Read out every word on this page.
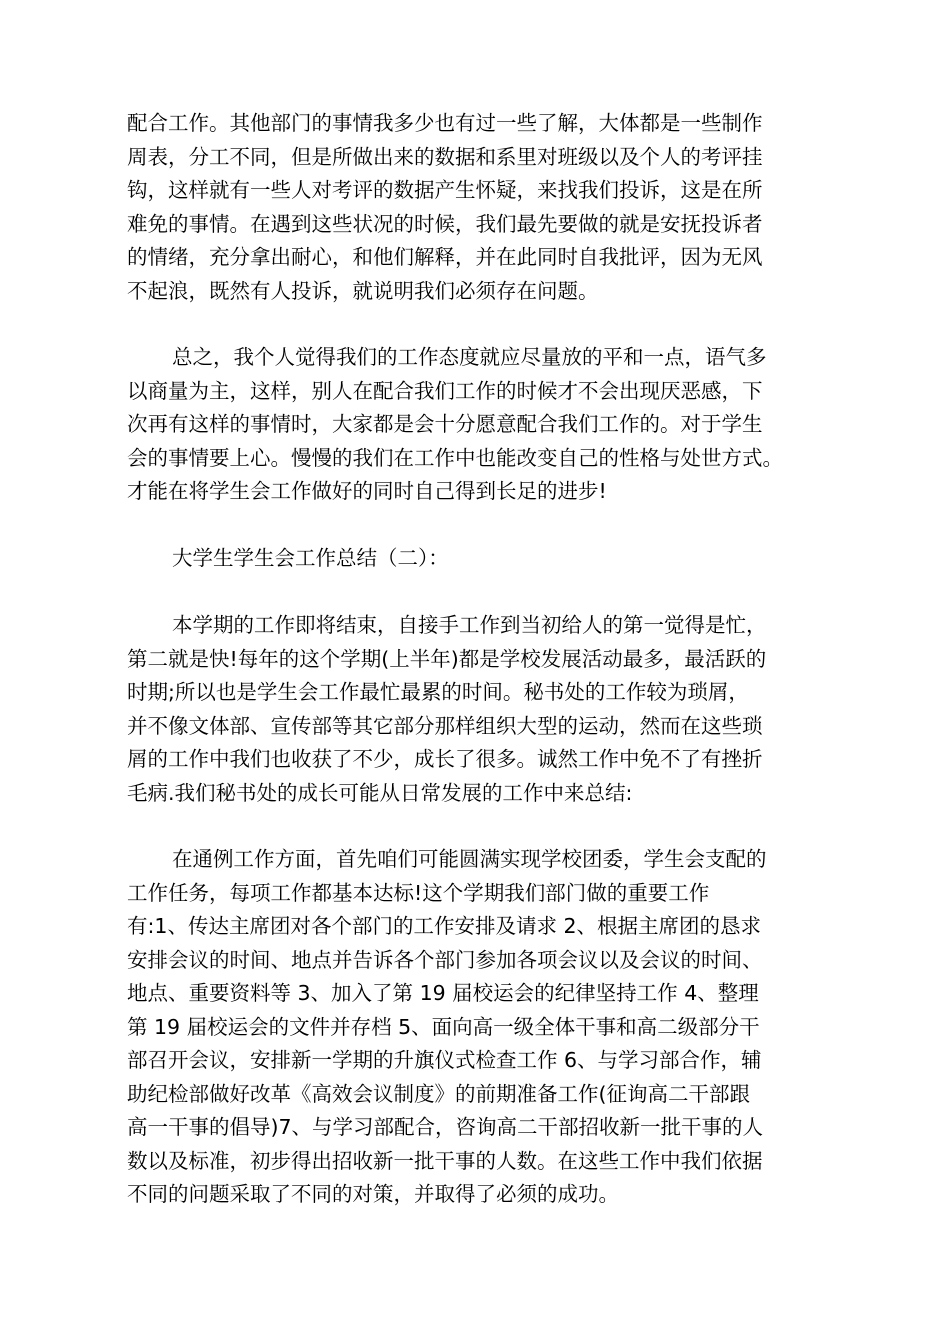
配合工作。其他部门的事情我多少也有过一些了解，大体都是一些制作
周表，分工不同，但是所做出来的数据和系里对班级以及个人的考评挂
钩，这样就有一些人对考评的数据产生怀疑，来找我们投诉，这是在所
难免的事情。在遇到这些状况的时候，我们最先要做的就是安抚投诉者
的情绪，充分拿出耐心，和他们解释，并在此同时自我批评，因为无风
不起浪，既然有人投诉，就说明我们必须存在问题。
总之，我个人觉得我们的工作态度就应尽量放的平和一点，语气多
以商量为主，这样，别人在配合我们工作的时候才不会出现厌恶感，下
次再有这样的事情时，大家都是会十分愿意配合我们工作的。对于学生
会的事情要上心。慢慢的我们在工作中也能改变自己的性格与处世方式。
才能在将学生会工作做好的同时自己得到长足的进步!
大学生学生会工作总结（二）：
本学期的工作即将结束，自接手工作到当初给人的第一觉得是忙，
第二就是快!每年的这个学期(上半年)都是学校发展活动最多，最活跃的
时期;所以也是学生会工作最忙最累的时间。秘书处的工作较为琐屑，
并不像文体部、宣传部等其它部分那样组织大型的运动，然而在这些琐
屑的工作中我们也收获了不少，成长了很多。诚然工作中免不了有挫折
毛病.我们秘书处的成长可能从日常发展的工作中来总结:
在通例工作方面，首先咱们可能圆满实现学校团委，学生会支配的
工作任务，每项工作都基本达标!这个学期我们部门做的重要工作
有:1、传达主席团对各个部门的工作安排及请求 2、根据主席团的恳求
安排会议的时间、地点并告诉各个部门参加各项会议以及会议的时间、
地点、重要资料等 3、加入了第 19 届校运会的纪律坚持工作 4、整理
第 19 届校运会的文件并存档 5、面向高一级全体干事和高二级部分干
部召开会议，安排新一学期的升旗仪式检查工作 6、与学习部合作，辅
助纪检部做好改革《高效会议制度》的前期准备工作(征询高二干部跟
高一干事的倡导)7、与学习部配合，咨询高二干部招收新一批干事的人
数以及标准，初步得出招收新一批干事的人数。在这些工作中我们依据
不同的问题采取了不同的对策，并取得了必须的成功。
